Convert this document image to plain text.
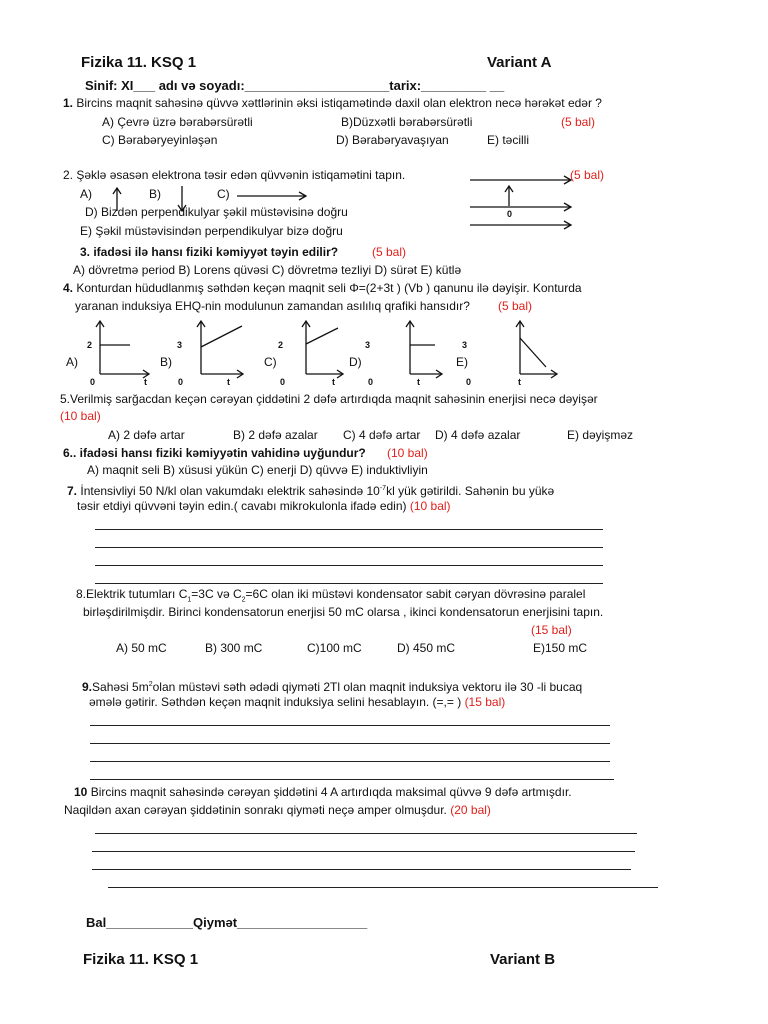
Fizika 11. KSQ 1	Variant A
Sinif: XI___ adı və soyadı:____________________tarix:_________ __
1. Bircins maqnit sahəsinə qüvvə xəttlərinin əksi istiqamətində daxil olan elektron necə hərəkət edər ?
A) Çevrə üzrə bərabərsürətli	B)Düzxətli bərabərsürətli	(5 bal)
C) Bərabəryeyinləşən	D) Bərabəryavaşıyan	E) təcilli
2. Şəklə əsasən elektrona təsir edən qüvvənin istiqamətini tapın.	(5 bal)
A)	B)	C)
D) Bizdən perpendikulyar şəkil müstəvisinə doğru
E) Şəkil müstəvisindən perpendikulyar bizə doğru
0
3. ifadəsi ilə hansı fiziki kəmiyyət təyin edilir?	(5 bal)
A) dövretmə period B) Lorens qüvəsi C) dövretmə tezliyi D) sürət E) kütlə
4. Konturdan hüdudlanmış səthdən keçən maqnit seli Φ=(2+3t ) (Vb ) qanunu ilə dəyişir. Konturda
yaranan induksiya EHQ-nin modulunun zamandan asılılıq qrafiki hansıdır? (5 bal)
A)	B)	C)	D)	E)
2
0	t
3
0	t
2
0	t
3
0	t
3
0	t
5.Verilmiş sarğacdan keçən cərəyan çiddətini 2 dəfə artırdıqda maqnit sahəsinin enerjisi necə dəyişər
(10 bal)
A) 2 dəfə artar	B) 2 dəfə azalar C) 4 dəfə artar D) 4 dəfə azalar	E) dəyişməz
6.. ifadəsi hansı fiziki kəmiyyətin vahidinə uyğundur? (10 bal)
A) maqnit seli B) xüsusi yükün C) enerji D) qüvvə E) induktivliyin
7. İntensivliyi 50 N/kl olan vakumdakı elektrik sahəsində $10^{-7}kl$ yük gətirildi. Sahənin bu yükə
təsir etdiyi qüvvəni təyin edin.( cavabı mikrokulonla ifadə edin) (10 bal)
8.Elektrik tutumları $C_1=3C$ və $C_2=6C$ olan iki müstəvi kondensator sabit cəryan dövrəsinə paralel
birləşdirilmişdir. Birinci kondensatorun enerjisi 50 mC olarsa , ikinci kondensatorun enerjisini tapın.
(15 bal)
A) 50 mC	B) 300 mC	C)100 mC	D) 450 mC	E)150 mC
9.Sahəsi $5m^2olan$ müstəvi səth ədədi qiyməti 2Tl olan maqnit induksiya vektoru ilə 30 -li bucaq
əmələ gətirir. Səthdən keçən maqnit induksiya selini hesablayın. (=,= ) (15 bal)
10 Bircins maqnit sahəsində cərəyan şiddətini 4 A artırdıqda maksimal qüvvə 9 dəfə artmışdır.
Naqildən axan cərəyan şiddətinin sonrakı qiyməti neçə amper olmuşdur. (20 bal)
Bal____________Qiymət__________________
Fizika 11. KSQ 1	Variant B
